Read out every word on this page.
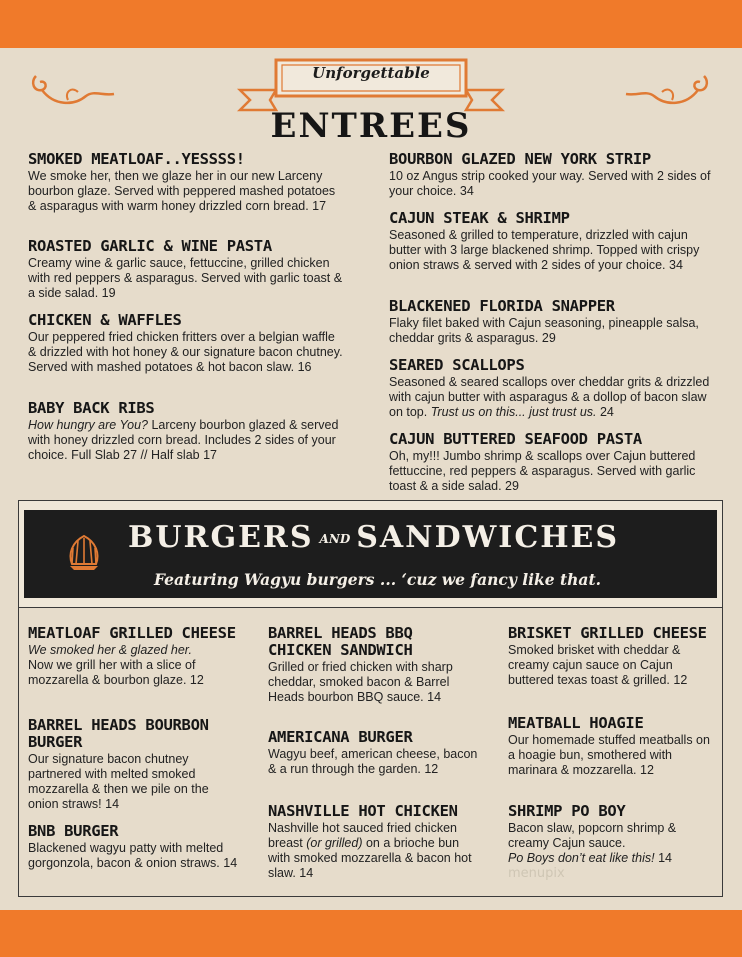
Unforgettable
ENTREES
SMOKED MEATLOAF..YESSSS!
We smoke her, then we glaze her in our new Larceny bourbon glaze. Served with peppered mashed potatoes & asparagus with warm honey drizzled corn bread. 17
ROASTED GARLIC & WINE PASTA
Creamy wine & garlic sauce, fettuccine, grilled chicken with red peppers & asparagus. Served with garlic toast & a side salad. 19
CHICKEN & WAFFLES
Our peppered fried chicken fritters over a belgian waffle & drizzled with hot honey & our signature bacon chutney. Served with mashed potatoes & hot bacon slaw. 16
BABY BACK RIBS
How hungry are You? Larceny bourbon glazed & served with honey drizzled corn bread. Includes 2 sides of your choice. Full Slab 27 // Half slab 17
BOURBON GLAZED NEW YORK STRIP
10 oz Angus strip cooked your way. Served with 2 sides of your choice. 34
CAJUN STEAK & SHRIMP
Seasoned & grilled to temperature, drizzled with cajun butter with 3 large blackened shrimp. Topped with crispy onion straws & served with 2 sides of your choice. 34
BLACKENED FLORIDA SNAPPER
Flaky filet baked with Cajun seasoning, pineapple salsa, cheddar grits & asparagus. 29
SEARED SCALLOPS
Seasoned & seared scallops over cheddar grits & drizzled with cajun butter with asparagus & a dollop of bacon slaw on top. Trust us on this... just trust us. 24
CAJUN BUTTERED SEAFOOD PASTA
Oh, my!!! Jumbo shrimp & scallops over Cajun buttered fettuccine, red peppers & asparagus. Served with garlic toast & a side salad. 29
BURGERS AND SANDWICHES
Featuring Wagyu burgers ... ‘cuz we fancy like that.
MEATLOAF GRILLED CHEESE
We smoked her & glazed her.
Now we grill her with a slice of mozzarella & bourbon glaze. 12
BARREL HEADS BOURBON BURGER
Our signature bacon chutney partnered with melted smoked mozzarella & then we pile on the onion straws! 14
BNB BURGER
Blackened wagyu patty with melted gorgonzola, bacon & onion straws. 14
BARREL HEADS BBQ CHICKEN SANDWICH
Grilled or fried chicken with sharp cheddar, smoked bacon & Barrel Heads bourbon BBQ sauce. 14
AMERICANA BURGER
Wagyu beef, american cheese, bacon & a run through the garden. 12
NASHVILLE HOT CHICKEN
Nashville hot sauced fried chicken breast (or grilled) on a brioche bun with smoked mozzarella & bacon hot slaw. 14
BRISKET GRILLED CHEESE
Smoked brisket with cheddar & creamy cajun sauce on Cajun buttered texas toast & grilled. 12
MEATBALL HOAGIE
Our homemade stuffed meatballs on a hoagie bun, smothered with marinara & mozzarella. 12
SHRIMP PO BOY
Bacon slaw, popcorn shrimp & creamy Cajun sauce.
Po Boys don’t eat like this! 14
menupix
